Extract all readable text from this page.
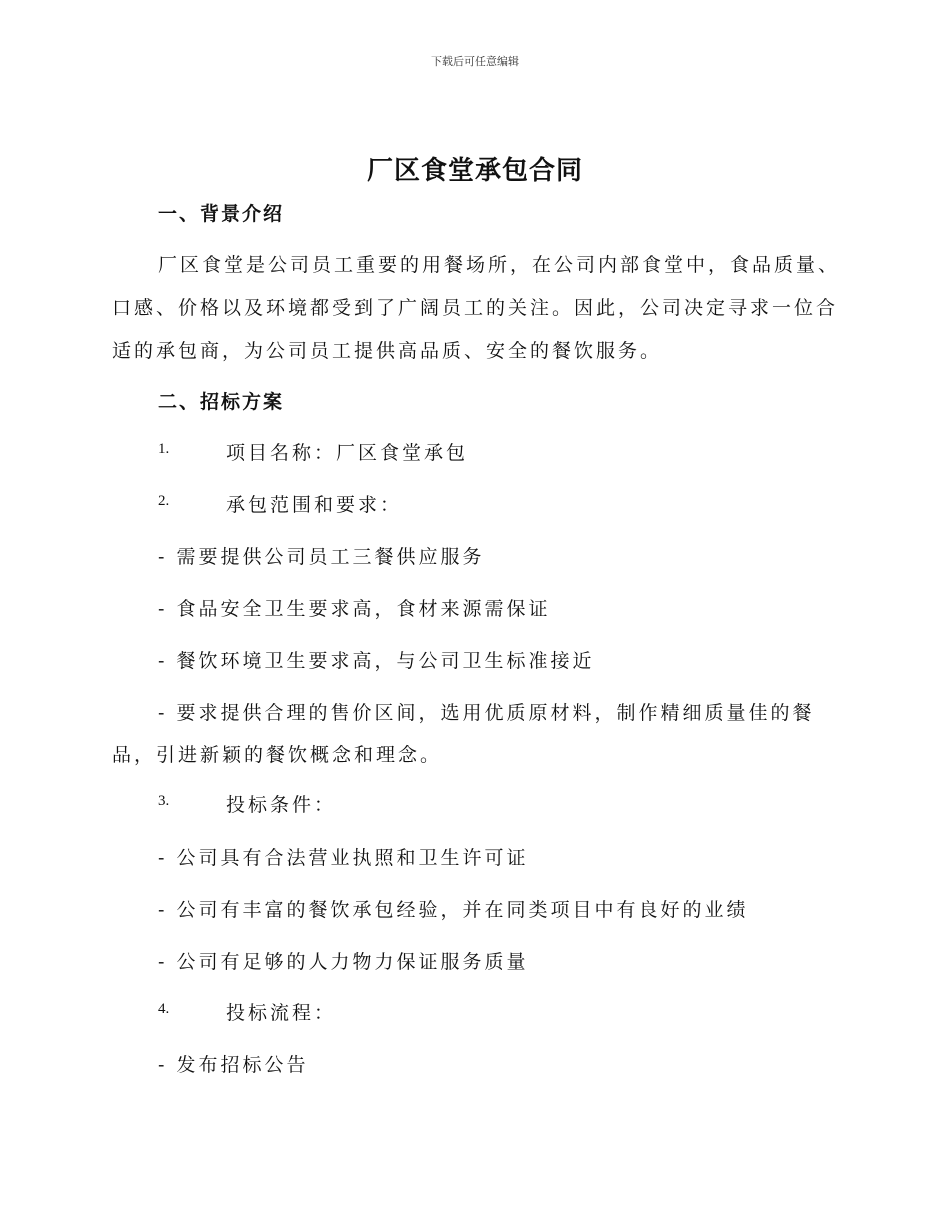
下载后可任意编辑
厂区食堂承包合同
一、背景介绍
厂区食堂是公司员工重要的用餐场所，在公司内部食堂中，食品质量、
口感、价格以及环境都受到了广阔员工的关注。因此，公司决定寻求一位合
适的承包商，为公司员工提供高品质、安全的餐饮服务。
二、招标方案
1.	项目名称：厂区食堂承包
2.	承包范围和要求：
- 需要提供公司员工三餐供应服务
- 食品安全卫生要求高，食材来源需保证
- 餐饮环境卫生要求高，与公司卫生标准接近
- 要求提供合理的售价区间，选用优质原材料，制作精细质量佳的餐
品，引进新颖的餐饮概念和理念。
3.	投标条件：
- 公司具有合法营业执照和卫生许可证
- 公司有丰富的餐饮承包经验，并在同类项目中有良好的业绩
- 公司有足够的人力物力保证服务质量
4.	投标流程：
- 发布招标公告
